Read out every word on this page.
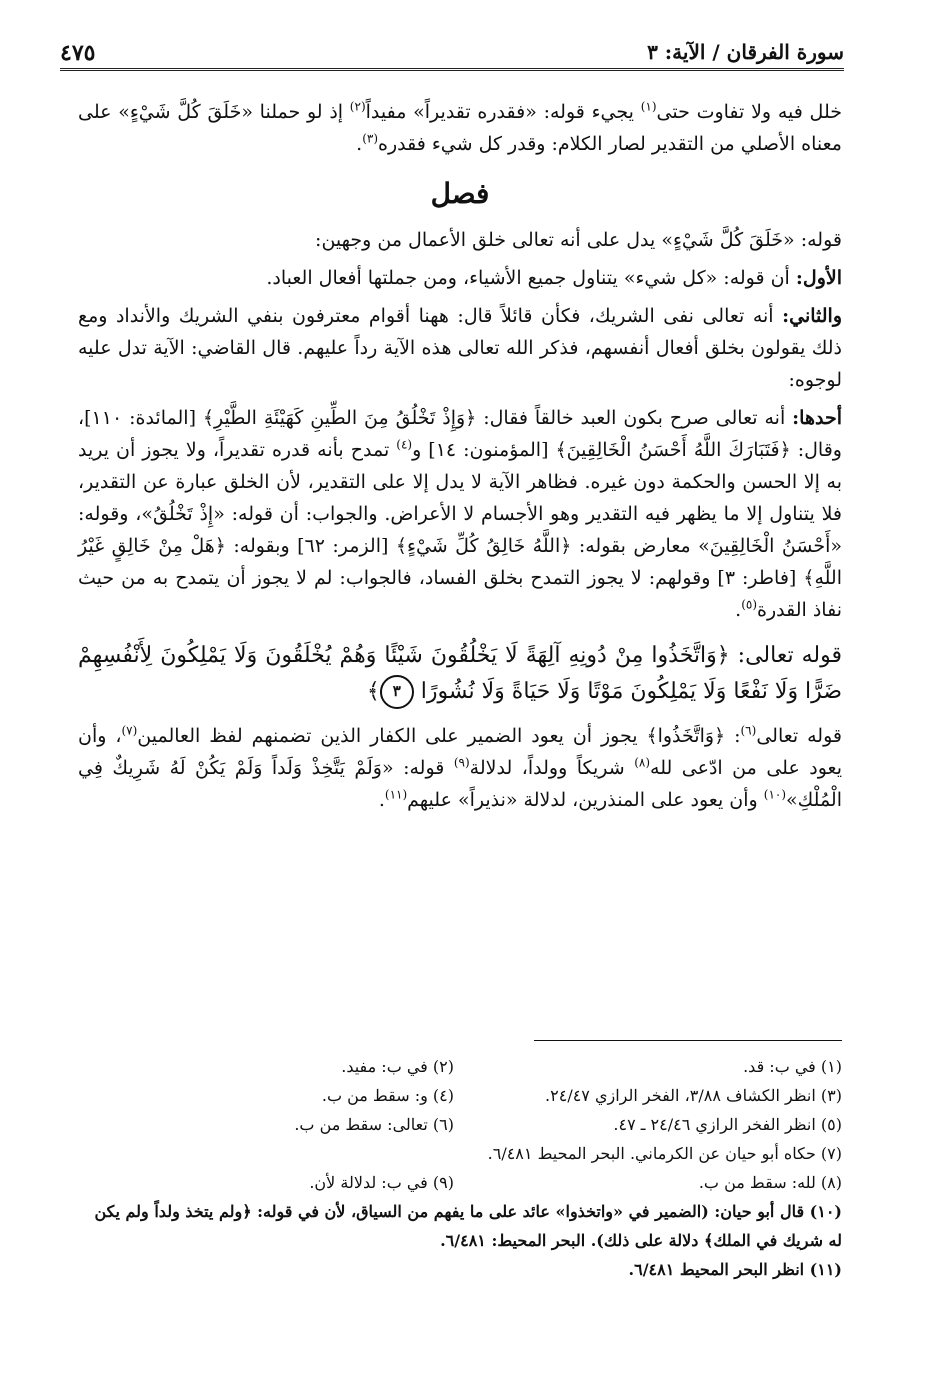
سورة الفرقان / الآية: ٣
٤٧٥

خلل فيه ولا تفاوت حتى$^{(١)}$ يجيء قوله: «فقدره تقديراً» مفيداً$^{(٢)}$ إذ لو حملنا «خَلَقَ كُلَّ شَيْءٍ» على معناه الأصلي من التقدير لصار الكلام: وقدر كل شيء فقدره$^{(٣)}$.

فصل

قوله: «خَلَقَ كُلَّ شَيْءٍ» يدل على أنه تعالى خلق الأعمال من وجهين:

الأول: أن قوله: «كل شيء» يتناول جميع الأشياء، ومن جملتها أفعال العباد.

والثاني: أنه تعالى نفى الشريك، فكأن قائلاً قال: ههنا أقوام معترفون بنفي الشريك والأنداد ومع ذلك يقولون بخلق أفعال أنفسهم، فذكر الله تعالى هذه الآية رداً عليهم. قال القاضي: الآية تدل عليه لوجوه:

أحدها: أنه تعالى صرح بكون العبد خالقاً فقال: ﴿وَإِذْ تَخْلُقُ مِنَ الطِّينِ كَهَيْئَةِ الطَّيْرِ﴾ [المائدة: ١١٠]، وقال: ﴿فَتَبَارَكَ اللَّهُ أَحْسَنُ الْخَالِقِينَ﴾ [المؤمنون: ١٤] و$^{(٤)}$ تمدح بأنه قدره تقديراً، ولا يجوز أن يريد به إلا الحسن والحكمة دون غيره. فظاهر الآية لا يدل إلا على التقدير، لأن الخلق عبارة عن التقدير، فلا يتناول إلا ما يظهر فيه التقدير وهو الأجسام لا الأعراض. والجواب: أن قوله: «إِذْ تَخْلُقُ»، وقوله: «أَحْسَنُ الْخَالِقِينَ» معارض بقوله: ﴿اللَّهُ خَالِقُ كُلِّ شَيْءٍ﴾ [الزمر: ٦٢] وبقوله: ﴿هَلْ مِنْ خَالِقٍ غَيْرُ اللَّهِ﴾ [فاطر: ٣] وقولهم: لا يجوز التمدح بخلق الفساد، فالجواب: لم لا يجوز أن يتمدح به من حيث نفاذ القدرة$^{(٥)}$.

قوله تعالى: ﴿وَاتَّخَذُوا مِنْ دُونِهِ آلِهَةً لَا يَخْلُقُونَ شَيْئًا وَهُمْ يُخْلَقُونَ وَلَا يَمْلِكُونَ لِأَنْفُسِهِمْ ضَرًّا وَلَا نَفْعًا وَلَا يَمْلِكُونَ مَوْتًا وَلَا حَيَاةً وَلَا نُشُورًا ٣﴾

قوله تعالى$^{(٦)}$: ﴿وَاتَّخَذُوا﴾ يجوز أن يعود الضمير على الكفار الذين تضمنهم لفظ العالمين$^{(٧)}$، وأن يعود على من ادّعى لله$^{(٨)}$ شريكاً وولداً، لدلالة$^{(٩)}$ قوله: «وَلَمْ يَتَّخِذْ وَلَداً وَلَمْ يَكُنْ لَهُ شَرِيكٌ فِي الْمُلْكِ»$^{(١٠)}$ وأن يعود على المنذرين، لدلالة «نذيراً» عليهم$^{(١١)}$.

(١) في ب: قد.
(٢) في ب: مفيد.
(٣) انظر الكشاف ٣/٨٨، الفخر الرازي ٢٤/٤٧.
(٤) و: سقط من ب.
(٥) انظر الفخر الرازي ٢٤/٤٦ ـ ٤٧.
(٦) تعالى: سقط من ب.
(٧) حكاه أبو حيان عن الكرماني. البحر المحيط ٦/٤٨١.
(٨) لله: سقط من ب.
(٩) في ب: لدلالة لأن.
(١٠) قال أبو حيان: (الضمير في «واتخذوا» عائد على ما يفهم من السياق، لأن في قوله: ﴿ولم يتخذ ولداً ولم يكن له شريك في الملك﴾ دلالة على ذلك). البحر المحيط: ٦/٤٨١.
(١١) انظر البحر المحيط ٦/٤٨١.
